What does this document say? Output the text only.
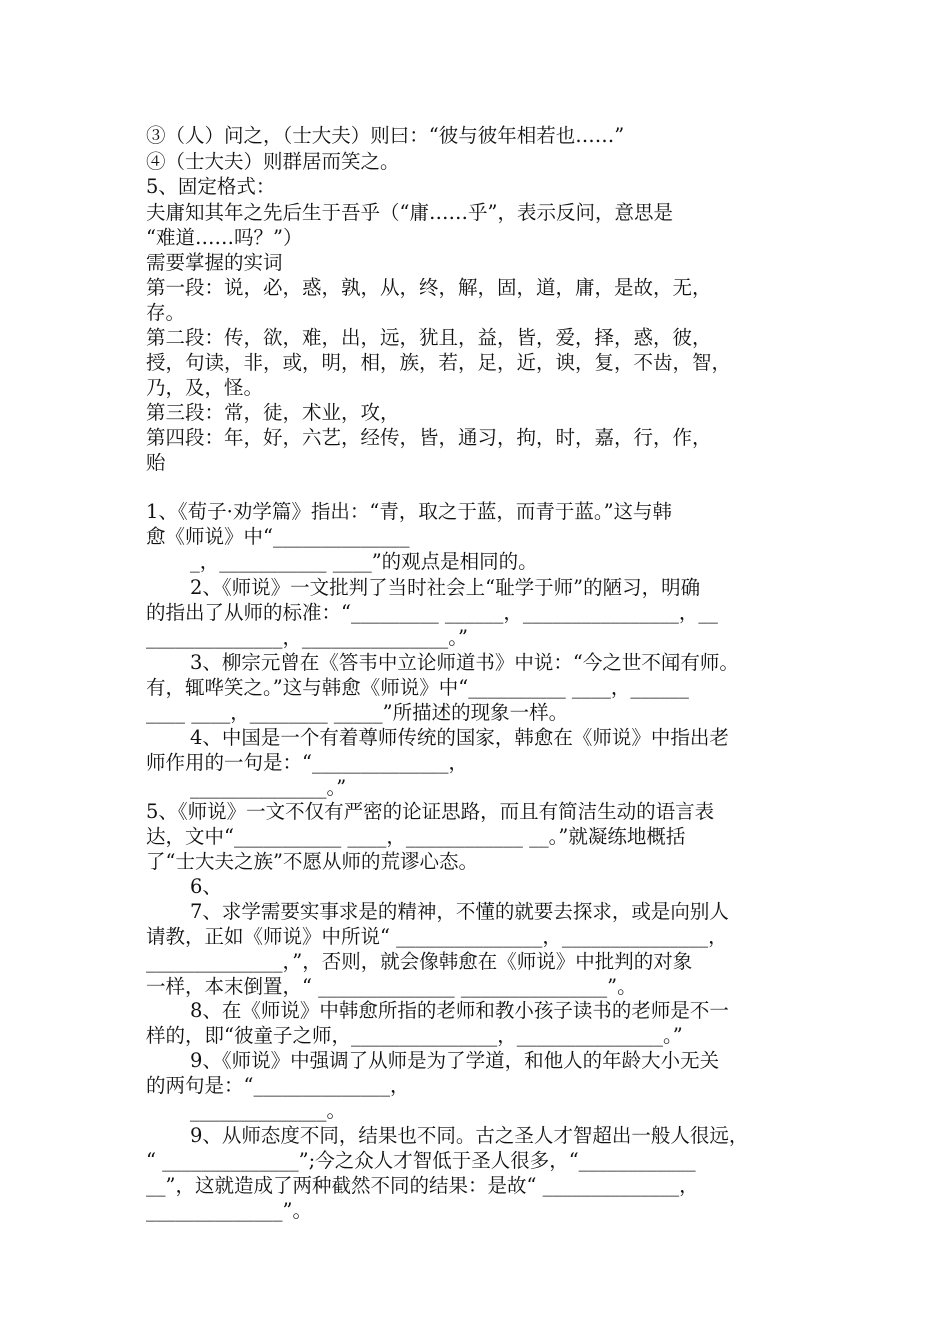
③（人）问之，（士大夫）则曰：“彼与彼年相若也……”
④（士大夫）则群居而笑之。
5、固定格式：
夫庸知其年之先后生于吾乎（“庸……乎”，表示反问，意思是
“难道……吗？”）
需要掌握的实词
第一段：说，必，惑，孰，从，终，解，固，道，庸，是故，无，
存。
第二段：传，欲，难，出，远，犹且，益，皆，爱，择，惑，彼，
授，句读，非，或，明，相，族，若，足，近，谀，复，不齿，智，
乃，及，怪。
第三段：常，徒，术业，攻，
第四段：年，好，六艺，经传，皆，通习，拘，时，嘉，行，作，
贻
1、《荀子·劝学篇》指出：“青，取之于蓝，而青于蓝。”这与韩
愈《师说》中“______________
_，___________ ____”的观点是相同的。
2、《师说》一文批判了当时社会上“耻学于师”的陋习，明确
的指出了从师的标准：“_________ ______，________________，__
______________，_______________。”
3、柳宗元曾在《答韦中立论师道书》中说：“今之世不闻有师。
有，辄哗笑之。”这与韩愈《师说》中“__________ ____，______
____ ____，________ _____”所描述的现象一样。
4、中国是一个有着尊师传统的国家，韩愈在《师说》中指出老
师作用的一句是：“______________，
______________。”
5、《师说》一文不仅有严密的论证思路，而且有简洁生动的语言表
达，文中“___________ ____，____________ __。”就凝练地概括
了“士大夫之族”不愿从师的荒谬心态。
6、
7、求学需要实事求是的精神，不懂的就要去探求，或是向别人
请教，正如《师说》中所说“ _______________，_______________，
______________，”，否则，就会像韩愈在《师说》中批判的对象
一样，本末倒置，“ ______________ _______________”。
8、在《师说》中韩愈所指的老师和教小孩子读书的老师是不一
样的，即“彼童子之师，_______________，_______________。”
9、《师说》中强调了从师是为了学道，和他人的年龄大小无关
的两句是：“______________，
______________。
9、从师态度不同，结果也不同。古之圣人才智超出一般人很远，
“ ______________”;今之众人才智低于圣人很多，“____________
__”，这就造成了两种截然不同的结果：是故“ ______________，
______________”。
